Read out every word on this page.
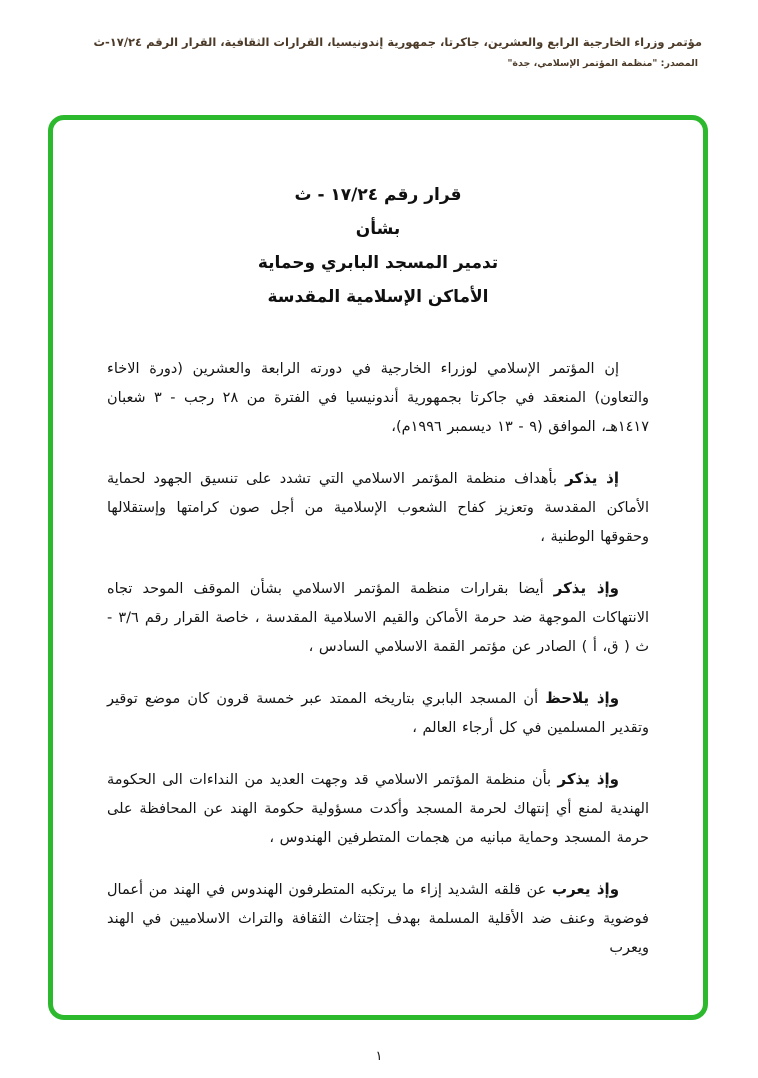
مؤتمر وزراء الخارجية الرابع والعشرين، جاكرتا، جمهورية إندونيسيا، القرارات الثقافية، القرار الرقم ١٧/٢٤-ث
المصدر: "منظمة المؤتمر الإسلامي، جدة"
قرار رقم ١٧/٢٤ - ث
بشأن
تدمير المسجد البابري وحماية
الأماكن الإسلامية المقدسة

إن المؤتمر الإسلامي لوزراء الخارجية في دورته الرابعة والعشرين (دورة الاخاء والتعاون) المنعقد في جاكرتا بجمهورية أندونيسيا في الفترة من ٢٨ رجب - ٣ شعبان ١٤١٧هـ، الموافق (٩ - ١٣ ديسمبر ١٩٩٦م)،

إذ يذكر بأهداف منظمة المؤتمر الاسلامي التي تشدد على تنسيق الجهود لحماية الأماكن المقدسة وتعزيز كفاح الشعوب الإسلامية من أجل صون كرامتها وإستقلالها وحقوقها الوطنية ،

وإذ يذكر أيضا بقرارات منظمة المؤتمر الاسلامي بشأن الموقف الموحد تجاه الانتهاكات الموجهة ضد حرمة الأماكن والقيم الاسلامية المقدسة ، خاصة القرار رقم ٣/٦ - ث ( ق، أ ) الصادر عن مؤتمر القمة الاسلامي السادس ،

وإذ يلاحظ أن المسجد البابري بتاريخه الممتد عبر خمسة قرون كان موضع توقير وتقدير المسلمين في كل أرجاء العالم ،

وإذ يذكر بأن منظمة المؤتمر الاسلامي قد وجهت العديد من النداءات الى الحكومة الهندية لمنع أي إنتهاك لحرمة المسجد وأكدت مسؤولية حكومة الهند عن المحافظة على حرمة المسجد وحماية مبانيه من هجمات المتطرفين الهندوس ،

وإذ يعرب عن قلقه الشديد إزاء ما يرتكبه المتطرفون الهندوس في الهند من أعمال فوضوية وعنف ضد الأقلية المسلمة بهدف إجتثاث الثقافة والتراث الاسلاميين في الهند ويعرب

١
